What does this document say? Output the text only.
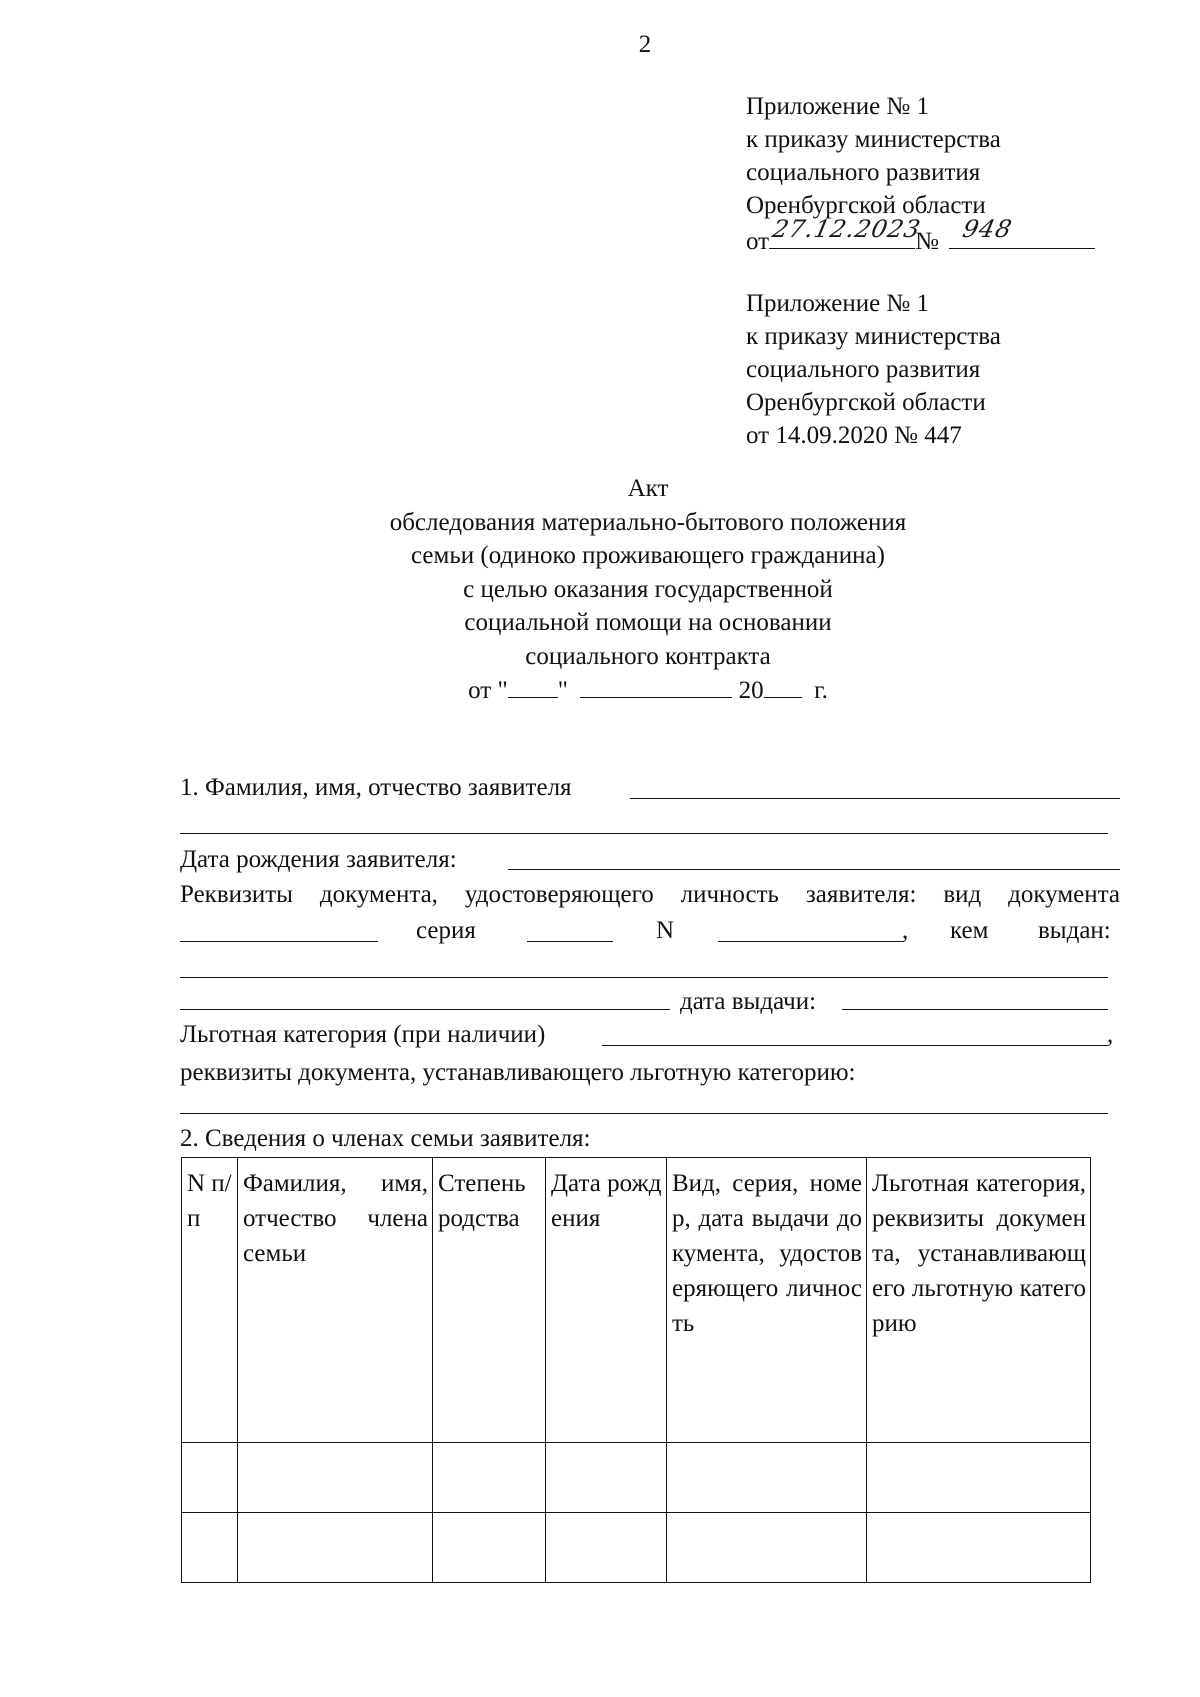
2
Приложение № 1
к приказу министерства
социального развития
Оренбургской области
от 27.12.2023
№ 948
Приложение № 1
к приказу министерства
социального развития
Оренбургской области
от 14.09.2020 № 447
Акт
обследования материально-бытового положения
семьи (одиноко проживающего гражданина)
с целью оказания государственной
социальной помощи на основании
социального контракта
от " "	20 г.
1. Фамилия, имя, отчество заявителя
Дата рождения заявителя:
Реквизиты документа, удостоверяющего личность заявителя: вид документа
серия	N	, кем выдан:
дата выдачи:
Льготная категория (при наличии)	,
реквизиты документа, устанавливающего льготную категорию:
2. Сведения о членах семьи заявителя:
N п/п	Фамилия, имя, отчество члена семьи	Степень родства	Дата рождения	Вид, серия, номер, дата выдачи документа, удостоверяющего личность	Льготная категория, реквизиты документа, устанавливающего льготную категорию
